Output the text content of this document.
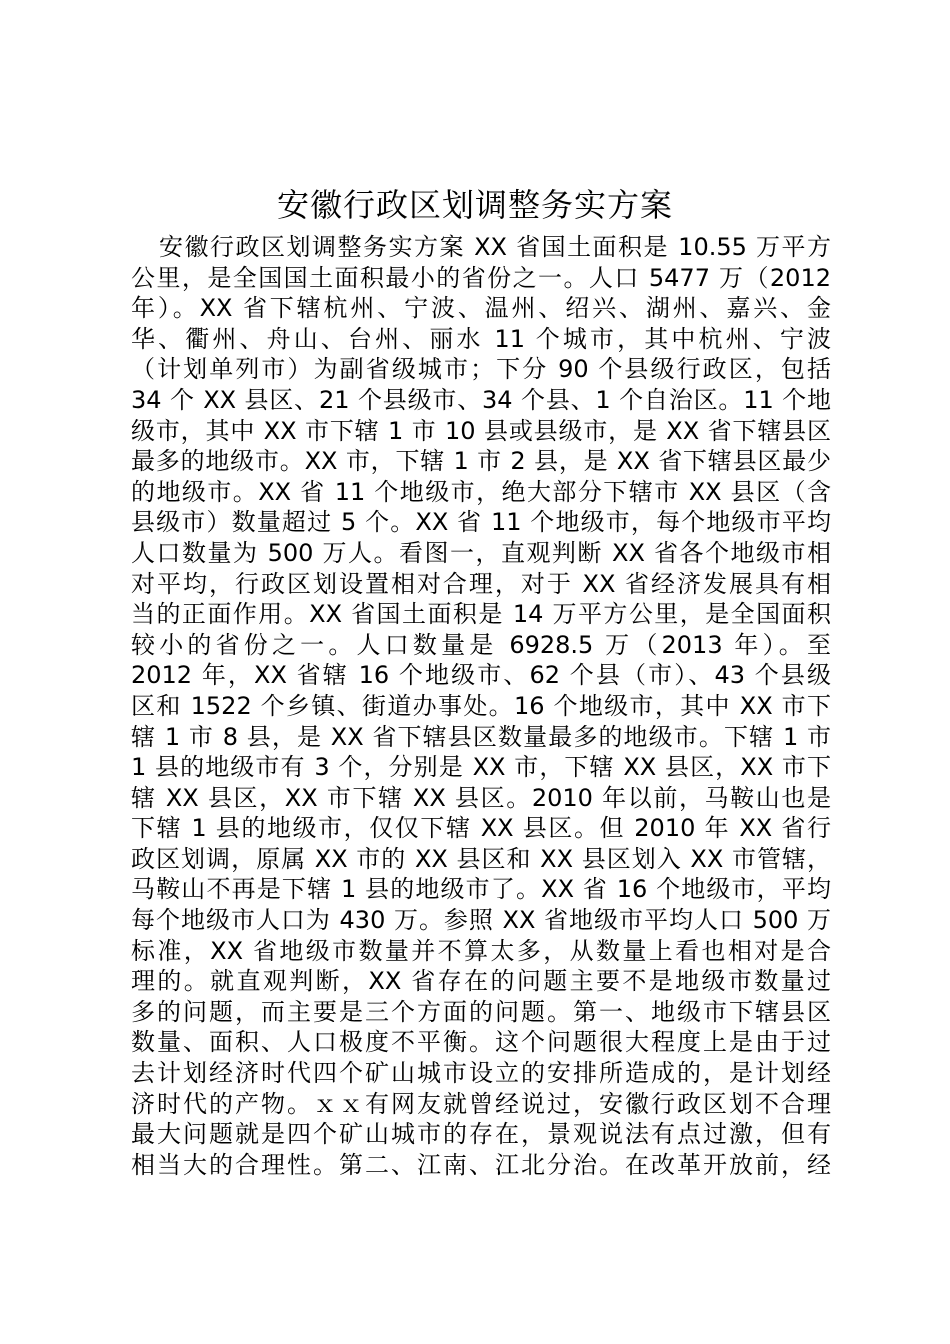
安徽行政区划调整务实方案
安徽行政区划调整务实方案 XX 省国土面积是 10.55 万平方
公里，是全国国土面积最小的省份之一。人口 5477 万（2012
年）。XX 省下辖杭州、宁波、温州、绍兴、湖州、嘉兴、金
华、衢州、舟山、台州、丽水 11 个城市，其中杭州、宁波
（计划单列市）为副省级城市；下分 90 个县级行政区，包括
34 个 XX 县区、21 个县级市、34 个县、1 个自治区。11 个地
级市，其中 XX 市下辖 1 市 10 县或县级市，是 XX 省下辖县区
最多的地级市。XX 市，下辖 1 市 2 县，是 XX 省下辖县区最少
的地级市。XX 省 11 个地级市，绝大部分下辖市 XX 县区（含
县级市）数量超过 5 个。XX 省 11 个地级市，每个地级市平均
人口数量为 500 万人。看图一，直观判断 XX 省各个地级市相
对平均，行政区划设置相对合理，对于 XX 省经济发展具有相
当的正面作用。XX 省国土面积是 14 万平方公里，是全国面积
较小的省份之一。人口数量是 6928.5 万（2013 年）。至
2012 年，XX 省辖 16 个地级市、62 个县（市）、43 个县级
区和 1522 个乡镇、街道办事处。16 个地级市，其中 XX 市下
辖 1 市 8 县，是 XX 省下辖县区数量最多的地级市。下辖 1 市
1 县的地级市有 3 个，分别是 XX 市，下辖 XX 县区，XX 市下
辖 XX 县区，XX 市下辖 XX 县区。2010 年以前，马鞍山也是
下辖 1 县的地级市，仅仅下辖 XX 县区。但 2010 年 XX 省行
政区划调，原属 XX 市的 XX 县区和 XX 县区划入 XX 市管辖，
马鞍山不再是下辖 1 县的地级市了。XX 省 16 个地级市，平均
每个地级市人口为 430 万。参照 XX 省地级市平均人口 500 万
标准，XX 省地级市数量并不算太多，从数量上看也相对是合
理的。就直观判断，XX 省存在的问题主要不是地级市数量过
多的问题，而主要是三个方面的问题。第一、地级市下辖县区
数量、面积、人口极度不平衡。这个问题很大程度上是由于过
去计划经济时代四个矿山城市设立的安排所造成的，是计划经
济时代的产物。ｘｘ有网友就曾经说过，安徽行政区划不合理
最大问题就是四个矿山城市的存在，景观说法有点过激，但有
相当大的合理性。第二、江南、江北分治。在改革开放前，经
